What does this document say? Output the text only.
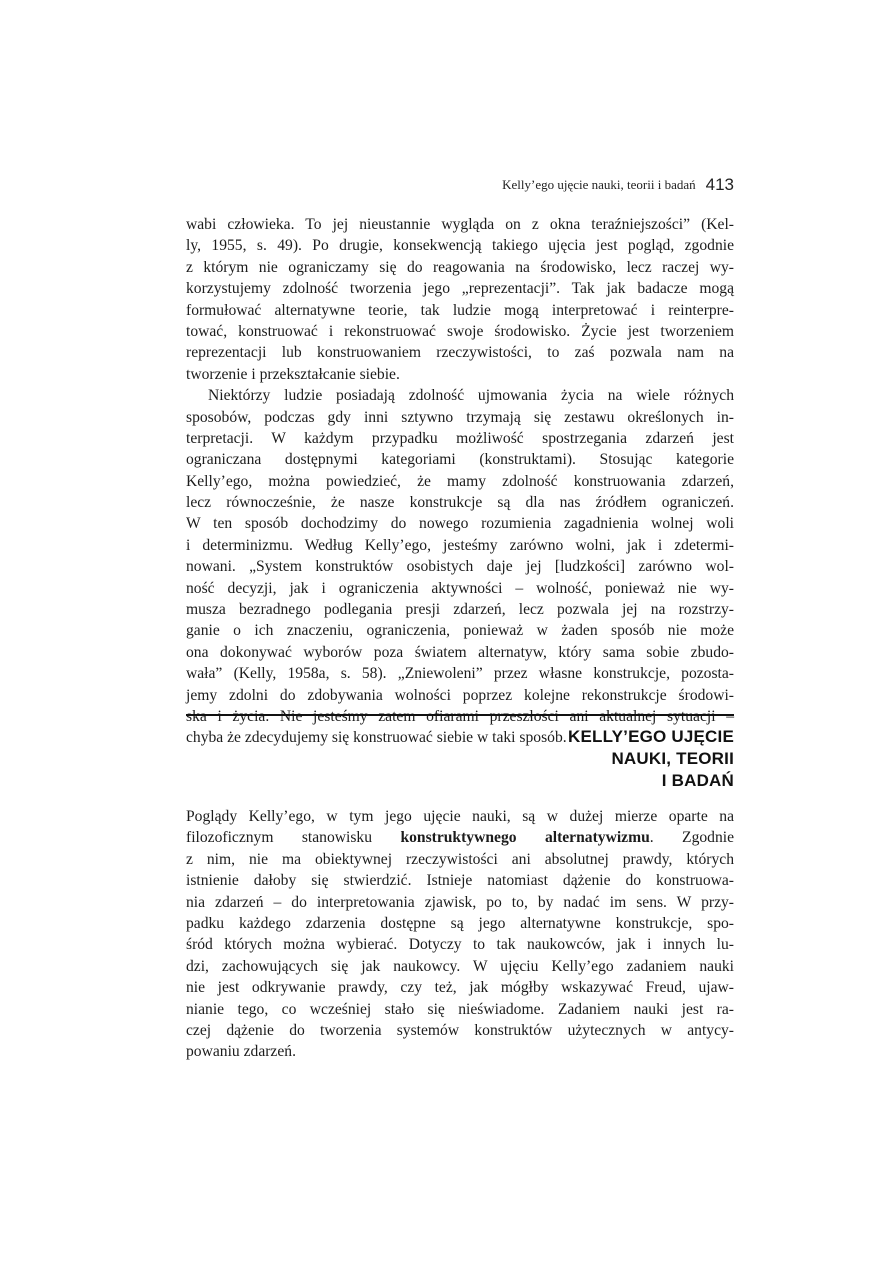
Kelly’ego ujęcie nauki, teorii i badań 413
wabi człowieka. To jej nieustannie wygląda on z okna teraźniejszości” (Kel-
ly, 1955, s. 49). Po drugie, konsekwencją takiego ujęcia jest pogląd, zgodnie
z którym nie ograniczamy się do reagowania na środowisko, lecz raczej wy-
korzystujemy zdolność tworzenia jego „reprezentacji”. Tak jak badacze mogą
formułować alternatywne teorie, tak ludzie mogą interpretować i reinterpre-
tować, konstruować i rekonstruować swoje środowisko. Życie jest tworzeniem
reprezentacji lub konstruowaniem rzeczywistości, to zaś pozwala nam na
tworzenie i przekształcanie siebie.
Niektórzy ludzie posiadają zdolność ujmowania życia na wiele różnych
sposobów, podczas gdy inni sztywno trzymają się zestawu określonych in-
terpretacji. W każdym przypadku możliwość spostrzegania zdarzeń jest
ograniczana dostępnymi kategoriami (konstruktami). Stosując kategorie
Kelly’ego, można powiedzieć, że mamy zdolność konstruowania zdarzeń,
lecz równocześnie, że nasze konstrukcje są dla nas źródłem ograniczeń.
W ten sposób dochodzimy do nowego rozumienia zagadnienia wolnej woli
i determinizmu. Według Kelly’ego, jesteśmy zarówno wolni, jak i zdetermi-
nowani. „System konstruktów osobistych daje jej [ludzkości] zarówno wol-
ność decyzji, jak i ograniczenia aktywności – wolność, ponieważ nie wy-
musza bezradnego podlegania presji zdarzeń, lecz pozwala jej na rozstrzy-
ganie o ich znaczeniu, ograniczenia, ponieważ w żaden sposób nie może
ona dokonywać wyborów poza światem alternatyw, który sama sobie zbudo-
wała” (Kelly, 1958a, s. 58). „Zniewoleni” przez własne konstrukcje, pozosta-
jemy zdolni do zdobywania wolności poprzez kolejne rekonstrukcje środowi-
ska i życia. Nie jesteśmy zatem ofiarami przeszłości ani aktualnej sytuacji –
chyba że zdecydujemy się konstruować siebie w taki sposób. KELLY’EGO UJĘCIE
NAUKI, TEORII
I BADAŃ
Poglądy Kelly’ego, w tym jego ujęcie nauki, są w dużej mierze oparte na
filozoficznym stanowisku konstruktywnego alternatywizmu. Zgodnie
z nim, nie ma obiektywnej rzeczywistości ani absolutnej prawdy, których
istnienie dałoby się stwierdzić. Istnieje natomiast dążenie do konstruowa-
nia zdarzeń – do interpretowania zjawisk, po to, by nadać im sens. W przy-
padku każdego zdarzenia dostępne są jego alternatywne konstrukcje, spo-
śród których można wybierać. Dotyczy to tak naukowców, jak i innych lu-
dzi, zachowujących się jak naukowcy. W ujęciu Kelly’ego zadaniem nauki
nie jest odkrywanie prawdy, czy też, jak mógłby wskazywać Freud, ujaw-
nianie tego, co wcześniej stało się nieświadome. Zadaniem nauki jest ra-
czej dążenie do tworzenia systemów konstruktów użytecznych w antycy-
powaniu zdarzeń.
